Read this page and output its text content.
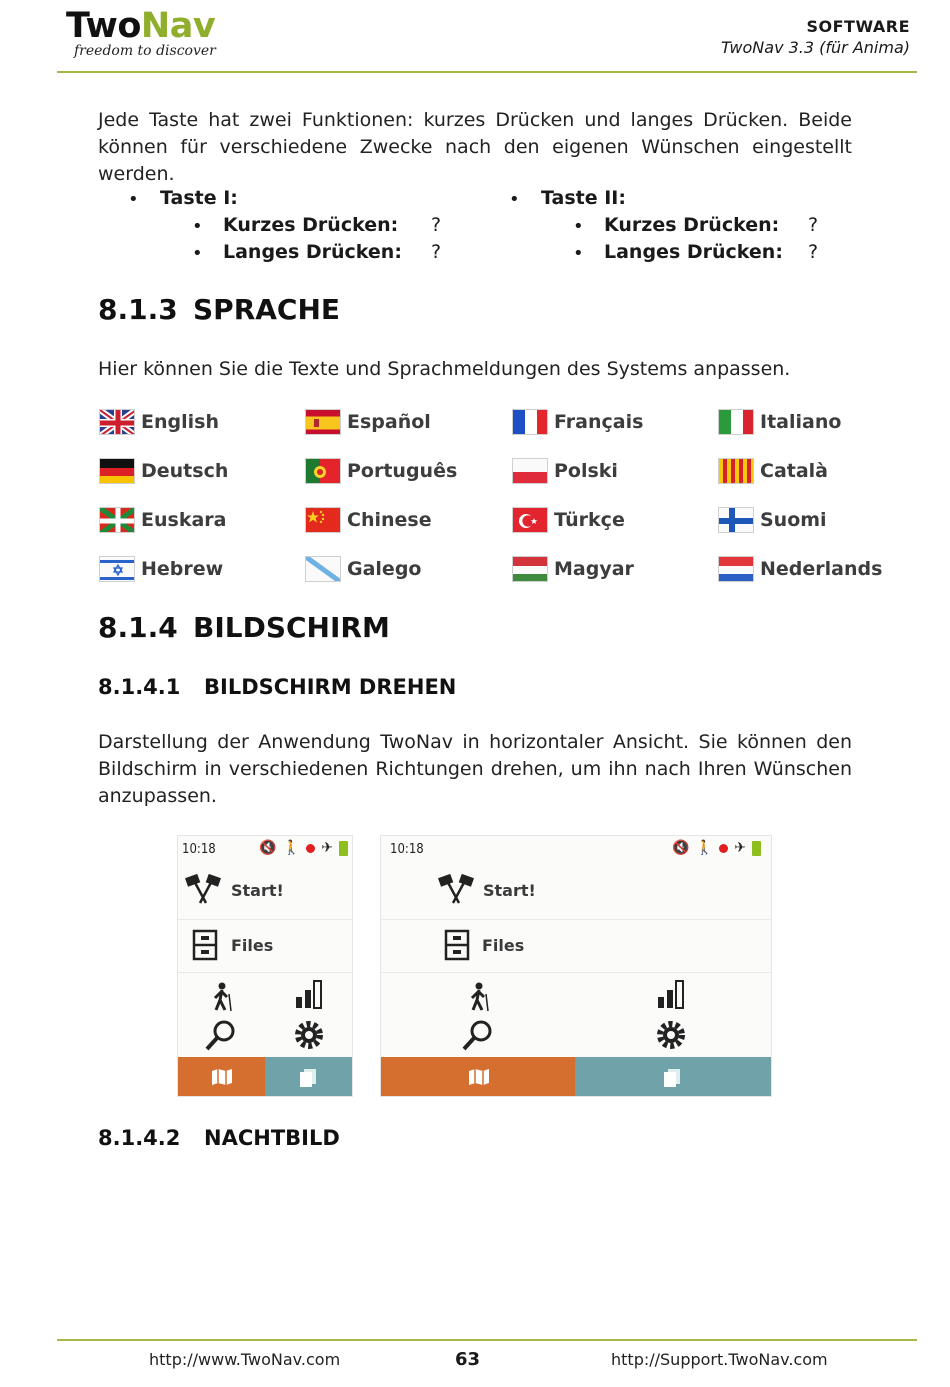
TwoNav
freedom to discover
SOFTWARE
TwoNav 3.3 (für Anima)
Jede Taste hat zwei Funktionen: kurzes Drücken und langes Drücken. Beide können für verschiedene Zwecke nach den eigenen Wünschen eingestellt werden.
• Taste I:
• Kurzes Drücken: ?
• Langes Drücken: ?
• Taste II:
• Kurzes Drücken: ?
• Langes Drücken: ?
8.1.3 SPRACHE
Hier können Sie die Texte und Sprachmeldungen des Systems anpassen.
English	Español	Français	Italiano
Deutsch	Português	Polski	Català
Euskara	Chinese	Türkçe	Suomi
Hebrew	Galego	Magyar	Nederlands
8.1.4 BILDSCHIRM
8.1.4.1 BILDSCHIRM DREHEN
Darstellung der Anwendung TwoNav in horizontaler Ansicht. Sie können den Bildschirm in verschiedenen Richtungen drehen, um ihn nach Ihren Wünschen anzupassen.
10:18	🔇 🚶 ✈
Start!
Files
10:18	🔇 🚶 ✈
Start!
Files
8.1.4.2 NACHTBILD
http://www.TwoNav.com	63	http://Support.TwoNav.com
